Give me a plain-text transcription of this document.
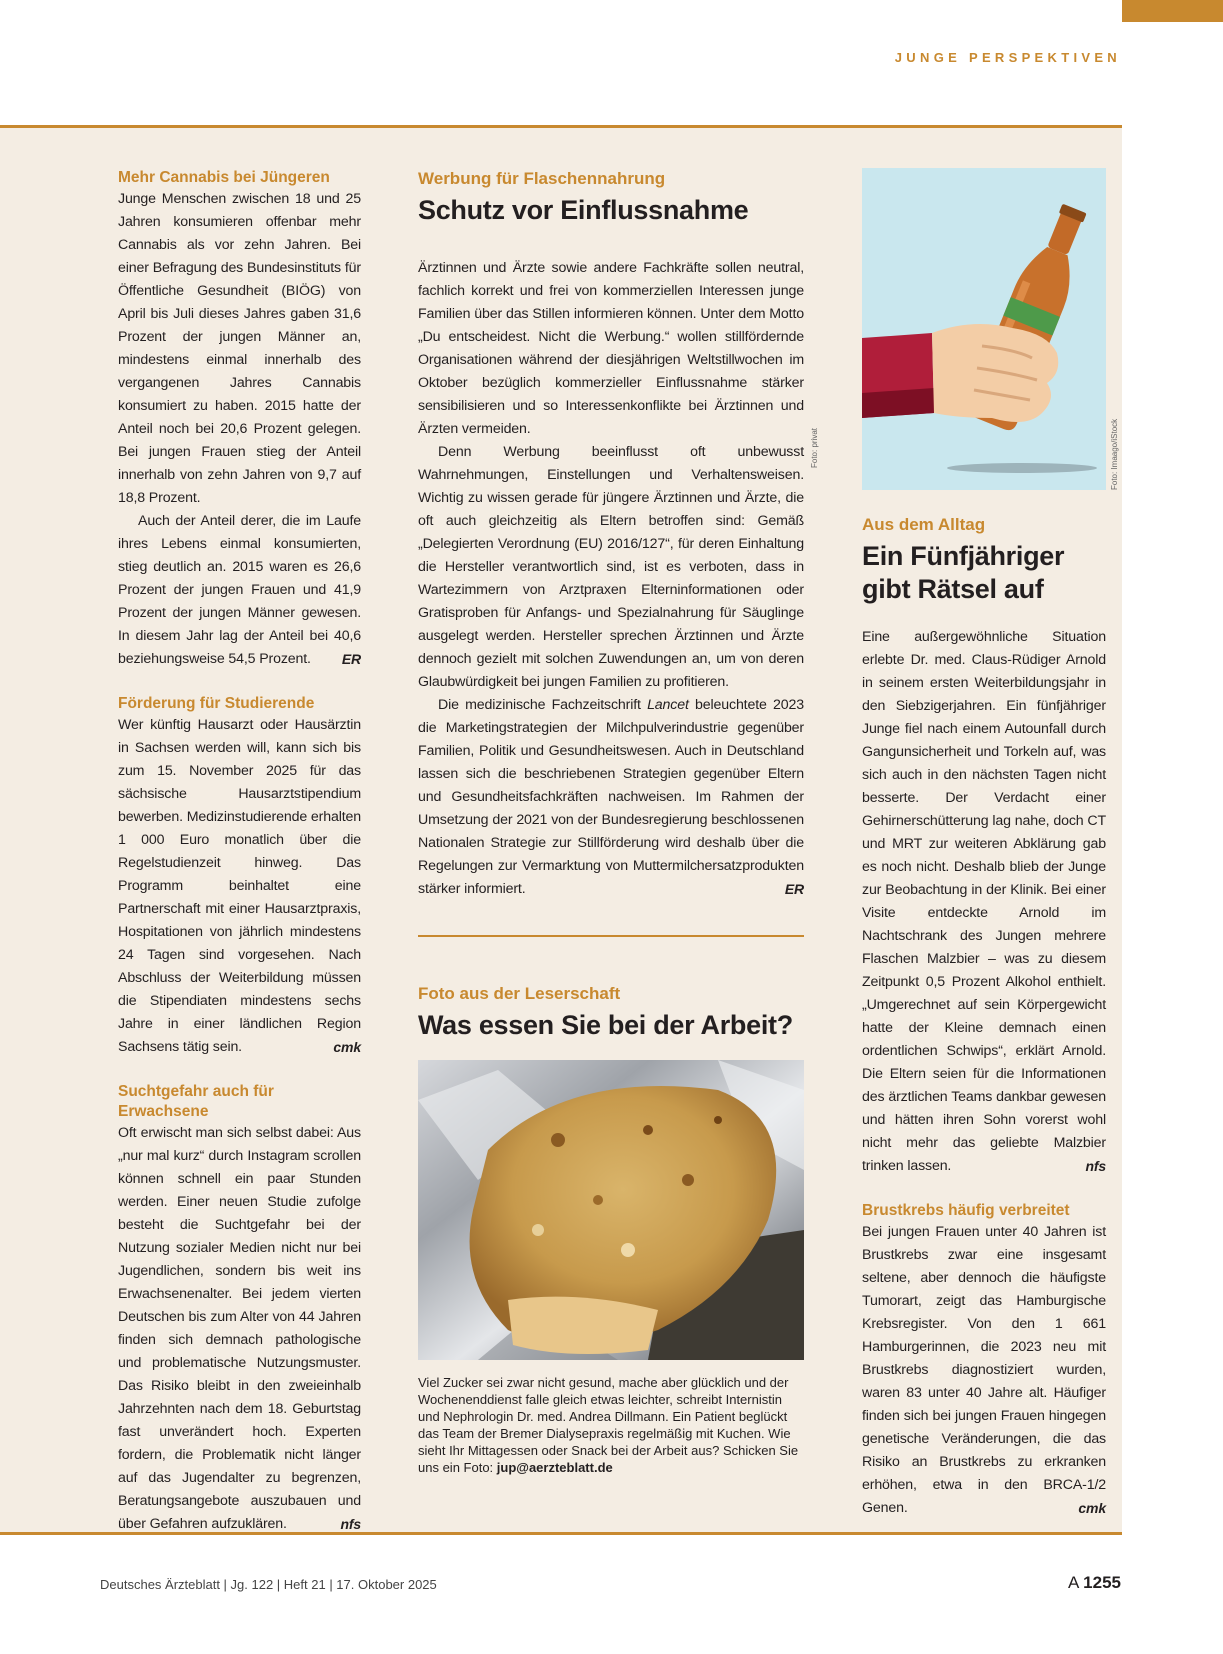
JUNGE PERSPEKTIVEN
Mehr Cannabis bei Jüngeren

Junge Menschen zwischen 18 und 25 Jahren konsumieren offenbar mehr Cannabis als vor zehn Jahren. Bei einer Befragung des Bundesinstituts für Öffentliche Gesundheit (BIÖG) von April bis Juli dieses Jahres gaben 31,6 Prozent der jungen Männer an, mindestens einmal innerhalb des vergangenen Jahres Cannabis konsumiert zu haben. 2015 hatte der Anteil noch bei 20,6 Prozent gelegen. Bei jungen Frauen stieg der Anteil innerhalb von zehn Jahren von 9,7 auf 18,8 Prozent.

Auch der Anteil derer, die im Laufe ihres Lebens einmal konsumierten, stieg deutlich an. 2015 waren es 26,6 Prozent der jungen Frauen und 41,9 Prozent der jungen Männer gewesen. In diesem Jahr lag der Anteil bei 40,6 beziehungsweise 54,5 Prozent.	ER

Förderung für Studierende

Wer künftig Hausarzt oder Hausärztin in Sachsen werden will, kann sich bis zum 15. November 2025 für das sächsische Hausarztstipendium bewerben. Medizinstudierende erhalten 1 000 Euro monatlich über die Regelstudienzeit hinweg. Das Programm beinhaltet eine Partnerschaft mit einer Hausarztpraxis, Hospitationen von jährlich mindestens 24 Tagen sind vorgesehen. Nach Abschluss der Weiterbildung müssen die Stipendiaten mindestens sechs Jahre in einer ländlichen Region Sachsens tätig sein.	cmk

Suchtgefahr auch für Erwachsene

Oft erwischt man sich selbst dabei: Aus „nur mal kurz“ durch Instagram scrollen können schnell ein paar Stunden werden. Einer neuen Studie zufolge besteht die Suchtgefahr bei der Nutzung sozialer Medien nicht nur bei Jugendlichen, sondern bis weit ins Erwachsenenalter. Bei jedem vierten Deutschen bis zum Alter von 44 Jahren finden sich demnach pathologische und problematische Nutzungsmuster. Das Risiko bleibt in den zweieinhalb Jahrzehnten nach dem 18. Geburtstag fast unverändert hoch. Experten fordern, die Problematik nicht länger auf das Jugendalter zu begrenzen, Beratungsangebote auszubauen und über Gefahren aufzuklären.	nfs

Werbung für Flaschennahrung
Schutz vor Einflussnahme

Ärztinnen und Ärzte sowie andere Fachkräfte sollen neutral, fachlich korrekt und frei von kommerziellen Interessen junge Familien über das Stillen informieren können. Unter dem Motto „Du entscheidest. Nicht die Werbung.“ wollen stillfördernde Organisationen während der diesjährigen Weltstillwochen im Oktober bezüglich kommerzieller Einflussnahme stärker sensibilisieren und so Interessenkonflikte bei Ärztinnen und Ärzten vermeiden.

Denn Werbung beeinflusst oft unbewusst Wahrnehmungen, Einstellungen und Verhaltensweisen. Wichtig zu wissen gerade für jüngere Ärztinnen und Ärzte, die oft auch gleichzeitig als Eltern betroffen sind: Gemäß „Delegierten Verordnung (EU) 2016/127“, für deren Einhaltung die Hersteller verantwortlich sind, ist es verboten, dass in Wartezimmern von Arztpraxen Elterninformationen oder Gratisproben für Anfangs- und Spezialnahrung für Säuglinge ausgelegt werden. Hersteller sprechen Ärztinnen und Ärzte dennoch gezielt mit solchen Zuwendungen an, um von deren Glaubwürdigkeit bei jungen Familien zu profitieren.

Die medizinische Fachzeitschrift Lancet beleuchtete 2023 die Marketingstrategien der Milchpulverindustrie gegenüber Familien, Politik und Gesundheitswesen. Auch in Deutschland lassen sich die beschriebenen Strategien gegenüber Eltern und Gesundheitsfachkräften nachweisen. Im Rahmen der Umsetzung der 2021 von der Bundesregierung beschlossenen Nationalen Strategie zur Stillförderung wird deshalb über die Regelungen zur Vermarktung von Muttermilchersatzprodukten stärker informiert.	ER

Foto aus der Leserschaft
Was essen Sie bei der Arbeit?
Foto: privat

Viel Zucker sei zwar nicht gesund, mache aber glücklich und der Wochenenddienst falle gleich etwas leichter, schreibt Internistin und Nephrologin Dr. med. Andrea Dillmann. Ein Patient beglückt das Team der Bremer Dialysepraxis regelmäßig mit Kuchen. Wie sieht Ihr Mittagessen oder Snack bei der Arbeit aus? Schicken Sie uns ein Foto: jup@aerzteblatt.de

Foto: Imaago/iStock
Aus dem Alltag
Ein Fünfjähriger gibt Rätsel auf

Eine außergewöhnliche Situation erlebte Dr. med. Claus-Rüdiger Arnold in seinem ersten Weiterbildungsjahr in den Siebzigerjahren. Ein fünfjähriger Junge fiel nach einem Autounfall durch Gangunsicherheit und Torkeln auf, was sich auch in den nächsten Tagen nicht besserte. Der Verdacht einer Gehirnerschütterung lag nahe, doch CT und MRT zur weiteren Abklärung gab es noch nicht. Deshalb blieb der Junge zur Beobachtung in der Klinik. Bei einer Visite entdeckte Arnold im Nachtschrank des Jungen mehrere Flaschen Malzbier – was zu diesem Zeitpunkt 0,5 Prozent Alkohol enthielt. „Umgerechnet auf sein Körpergewicht hatte der Kleine demnach einen ordentlichen Schwips“, erklärt Arnold. Die Eltern seien für die Informationen des ärztlichen Teams dankbar gewesen und hätten ihren Sohn vorerst wohl nicht mehr das geliebte Malzbier trinken lassen.	nfs

Brustkrebs häufig verbreitet

Bei jungen Frauen unter 40 Jahren ist Brustkrebs zwar eine insgesamt seltene, aber dennoch die häufigste Tumorart, zeigt das Hamburgische Krebsregister. Von den 1 661 Hamburgerinnen, die 2023 neu mit Brustkrebs diagnostiziert wurden, waren 83 unter 40 Jahre alt. Häufiger finden sich bei jungen Frauen hingegen genetische Veränderungen, die das Risiko an Brustkrebs zu erkranken erhöhen, etwa in den BRCA-1/2 Genen.	cmk

Deutsches Ärzteblatt | Jg. 122 | Heft 21 | 17. Oktober 2025	A 1255
